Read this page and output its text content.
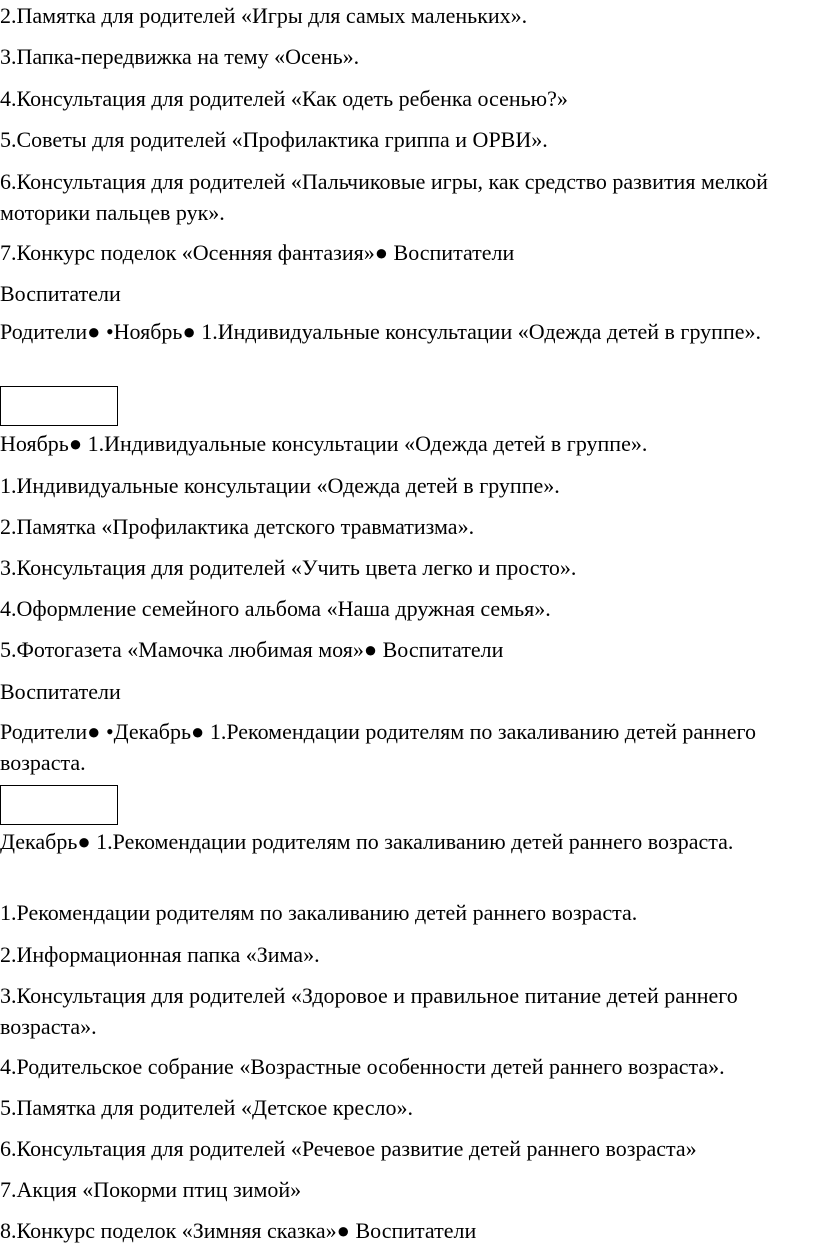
2.Памятка для родителей «Игры для самых маленьких».
3.Папка-передвижка на тему «Осень».
4.Консультация для родителей «Как одеть ребенка осенью?»
5.Советы для родителей «Профилактика гриппа и ОРВИ».
6.Консультация для родителей «Пальчиковые игры, как средство развития мелкой моторики пальцев рук».
7.Конкурс поделок «Осенняя фантазия»● Воспитатели
Воспитатели
Родители● •Ноябрь● 1.Индивидуальные консультации «Одежда детей в группе».
Ноябрь● 1.Индивидуальные консультации «Одежда детей в группе».
1.Индивидуальные консультации «Одежда детей в группе».
2.Памятка «Профилактика детского травматизма».
3.Консультация для родителей «Учить цвета легко и просто».
4.Оформление семейного альбома «Наша дружная семья».
5.Фотогазета «Мамочка любимая моя»● Воспитатели
Воспитатели
Родители● •Декабрь● 1.Рекомендации родителям по закаливанию детей раннего возраста.
Декабрь● 1.Рекомендации родителям по закаливанию детей раннего возраста.
1.Рекомендации родителям по закаливанию детей раннего возраста.
2.Информационная папка «Зима».
3.Консультация для родителей «Здоровое и правильное питание детей раннего возраста».
4.Родительское собрание «Возрастные особенности детей раннего возраста».
5.Памятка для родителей «Детское кресло».
6.Консультация для родителей «Речевое развитие детей раннего возраста»
7.Акция «Покорми птиц зимой»
8.Конкурс поделок «Зимняя сказка»● Воспитатели
